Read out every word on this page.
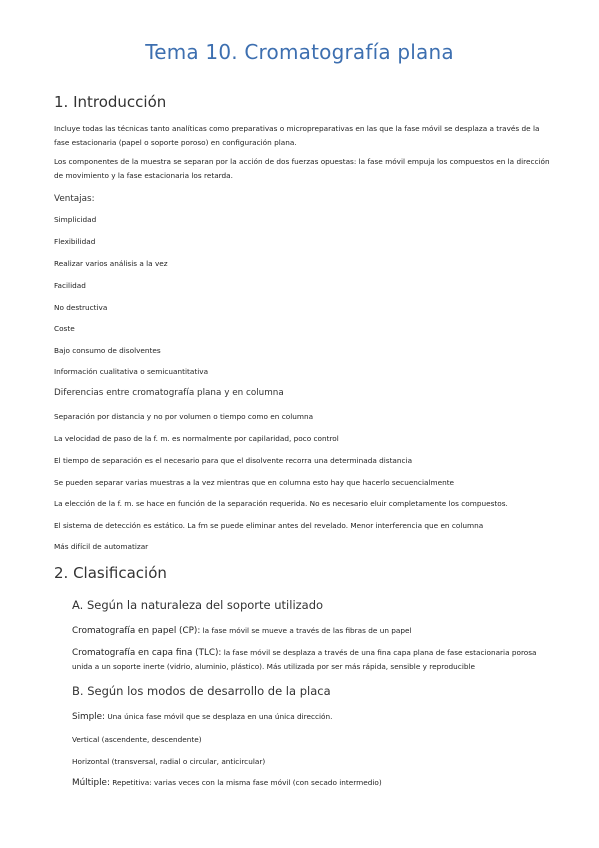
Tema 10. Cromatografía plana
1. Introducción
Incluye todas las técnicas tanto analíticas como preparativas o micropreparativas en las que la fase móvil se desplaza a través de la fase estacionaria (papel o soporte poroso) en configuración plana.
Los componentes de la muestra se separan por la acción de dos fuerzas opuestas: la fase móvil empuja los compuestos en la dirección de movimiento y la fase estacionaria los retarda.
Ventajas:
Simplicidad
Flexibilidad
Realizar varios análisis a la vez
Facilidad
No destructiva
Coste
Bajo consumo de disolventes
Información cualitativa o semicuantitativa
Diferencias entre cromatografía plana y en columna
Separación por distancia y no por volumen o tiempo como en columna
La velocidad de paso de la f. m. es normalmente por capilaridad, poco control
El tiempo de separación es el necesario para que el disolvente recorra una determinada distancia
Se pueden separar varias muestras a la vez mientras que en columna esto hay que hacerlo secuencialmente
La elección de la f. m. se hace en función de la separación requerida. No es necesario eluir completamente los compuestos.
El sistema de detección es estático. La fm se puede eliminar antes del revelado. Menor interferencia que en columna
Más difícil de automatizar
2. Clasificación
A. Según la naturaleza del soporte utilizado
Cromatografía en papel (CP): la fase móvil se mueve a través de las fibras de un papel
Cromatografía en capa fina (TLC): la fase móvil se desplaza a través de una fina capa plana de fase estacionaria porosa unida a un soporte inerte (vidrio, aluminio, plástico). Más utilizada por ser más rápida, sensible y reproducible
B. Según los modos de desarrollo de la placa
Simple: Una única fase móvil que se desplaza en una única dirección.
Vertical (ascendente, descendente)
Horizontal (transversal, radial o circular, anticircular)
Múltiple: Repetitiva: varias veces con la misma fase móvil (con secado intermedio)
